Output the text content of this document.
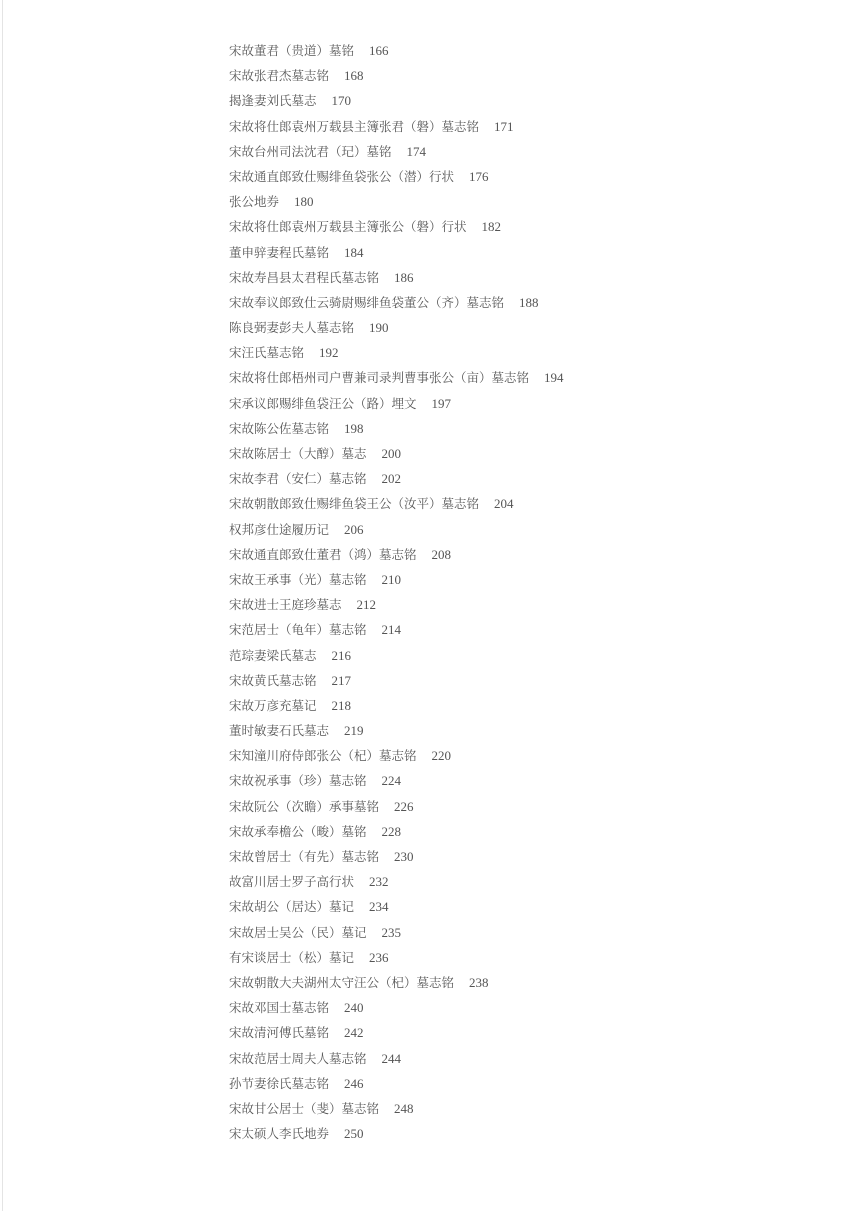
宋故董君（贵道）墓铭 166
宋故张君杰墓志铭 168
揭逢妻刘氏墓志 170
宋故将仕郎袁州万载县主簿张君（磐）墓志铭 171
宋故台州司法沈君（玘）墓铭 174
宋故通直郎致仕赐绯鱼袋张公（潜）行状 176
张公地券 180
宋故将仕郎袁州万载县主簿张公（磐）行状 182
董申骍妻程氏墓铭 184
宋故寿昌县太君程氏墓志铭 186
宋故奉议郎致仕云骑尉赐绯鱼袋董公（齐）墓志铭 188
陈良弼妻彭夫人墓志铭 190
宋汪氏墓志铭 192
宋故将仕郎梧州司户曹兼司录判曹事张公（亩）墓志铭 194
宋承议郎赐绯鱼袋汪公（路）埋文 197
宋故陈公佐墓志铭 198
宋故陈居士（大醇）墓志 200
宋故李君（安仁）墓志铭 202
宋故朝散郎致仕赐绯鱼袋王公（汝平）墓志铭 204
权邦彦仕途履历记 206
宋故通直郎致仕董君（鸿）墓志铭 208
宋故王承事（光）墓志铭 210
宋故进士王庭珍墓志 212
宋范居士（龟年）墓志铭 214
范琮妻梁氏墓志 216
宋故黄氏墓志铭 217
宋故万彦充墓记 218
董时敏妻石氏墓志 219
宋知潼川府侍郎张公（杞）墓志铭 220
宋故祝承事（珍）墓志铭 224
宋故阮公（次瞻）承事墓铭 226
宋故承奉檐公（畯）墓铭 228
宋故曾居士（有先）墓志铭 230
故富川居士罗子高行状 232
宋故胡公（居达）墓记 234
宋故居士吴公（民）墓记 235
有宋谈居士（松）墓记 236
宋故朝散大夫湖州太守汪公（杞）墓志铭 238
宋故邓国士墓志铭 240
宋故清河傅氏墓铭 242
宋故范居士周夫人墓志铭 244
孙节妻徐氏墓志铭 246
宋故甘公居士（斐）墓志铭 248
宋太硕人李氏地券 250
